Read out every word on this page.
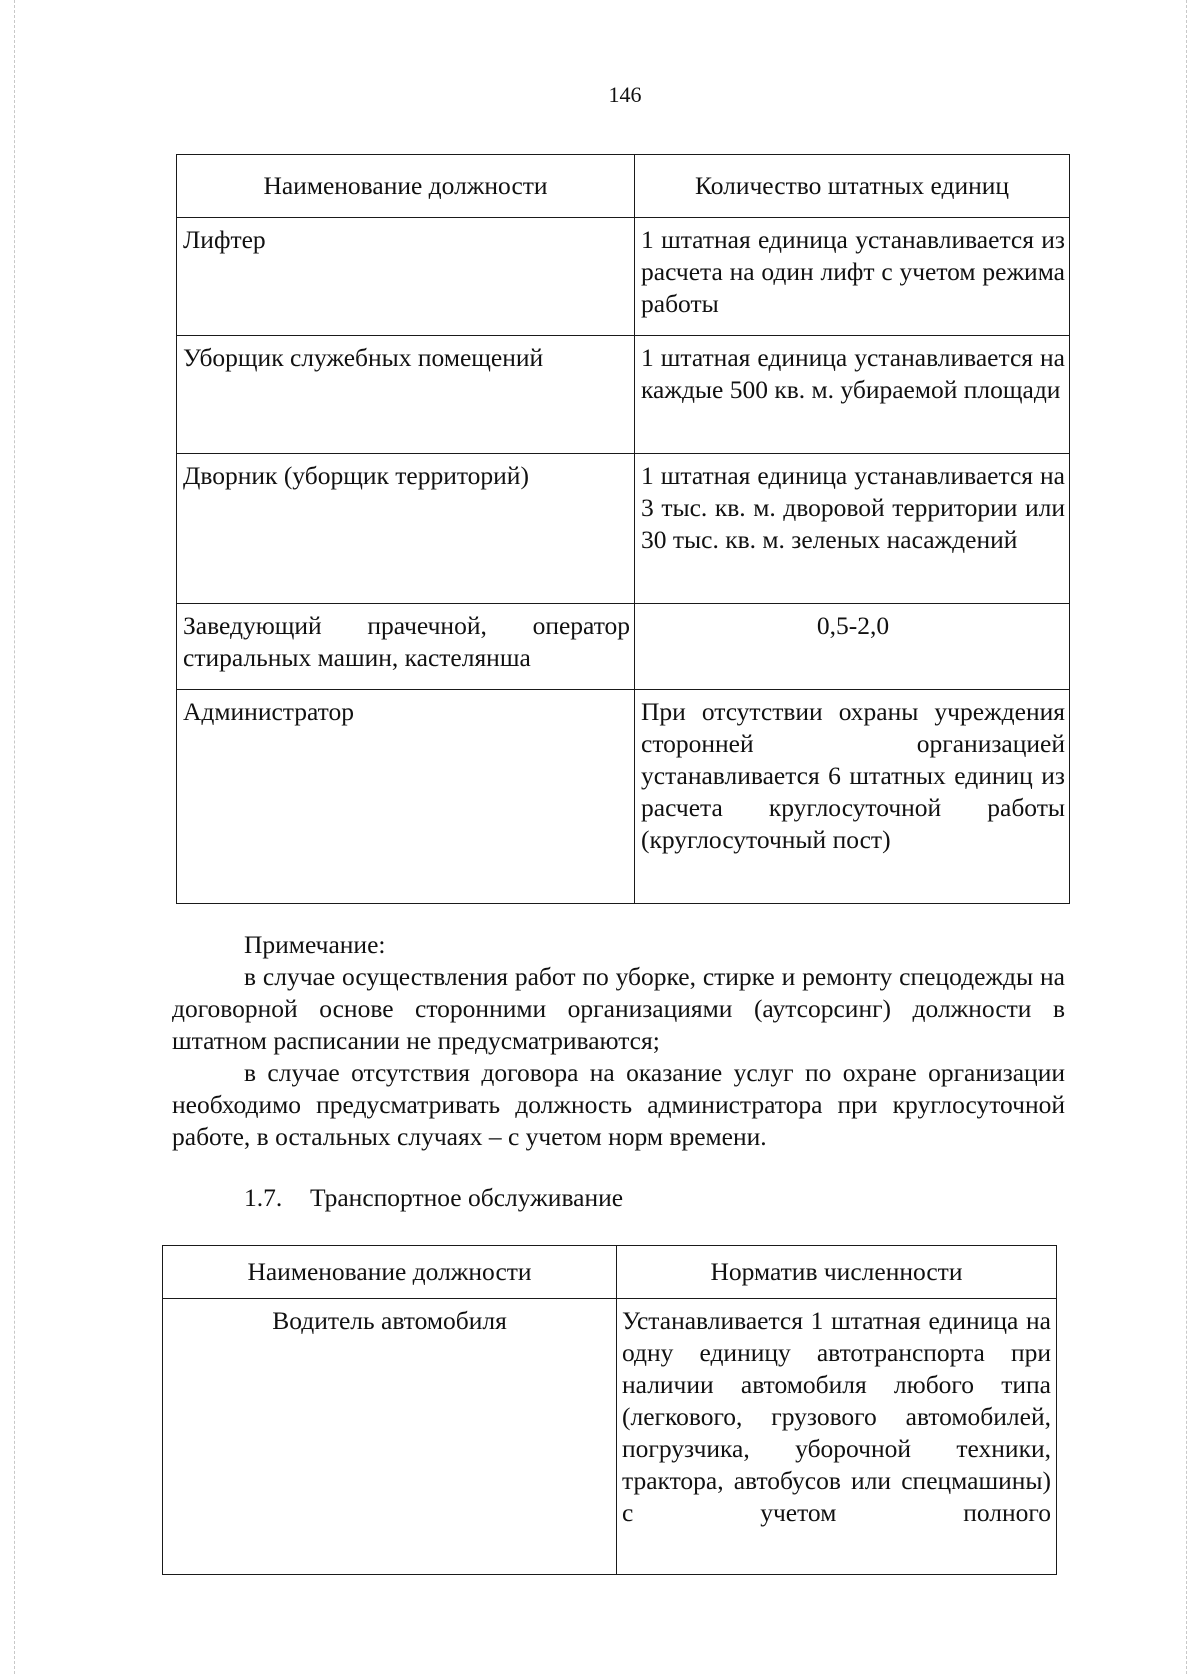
146
Наименование должности	Количество штатных единиц
Лифтер	1 штатная единица устанавливается из расчета на один лифт с учетом режима работы
Уборщик служебных помещений	1 штатная единица устанавливается на каждые 500 кв. м. убираемой площади
Дворник (уборщик территорий)	1 штатная единица устанавливается на 3 тыс. кв. м. дворовой территории или 30 тыс. кв. м. зеленых насаждений
Заведующий прачечной, оператор стиральных машин, кастелянша	0,5-2,0
Администратор	При отсутствии охраны учреждения сторонней организацией устанавливается 6 штатных единиц из расчета круглосуточной работы (круглосуточный пост)

Примечание:

в случае осуществления работ по уборке, стирке и ремонту спецодежды на договорной основе сторонними организациями (аутсорсинг) должности в штатном расписании не предусматриваются;

в случае отсутствия договора на оказание услуг по охране организации необходимо предусматривать должность администратора при круглосуточной работе, в остальных случаях – с учетом норм времени.

1.7. Транспортное обслуживание
Наименование должности	Норматив численности
Водитель автомобиля	Устанавливается 1 штатная единица на одну единицу автотранспорта при наличии автомобиля любого типа (легкового, грузового автомобилей, погрузчика, уборочной техники, трактора, автобусов или спецмашины) с учетом полного
